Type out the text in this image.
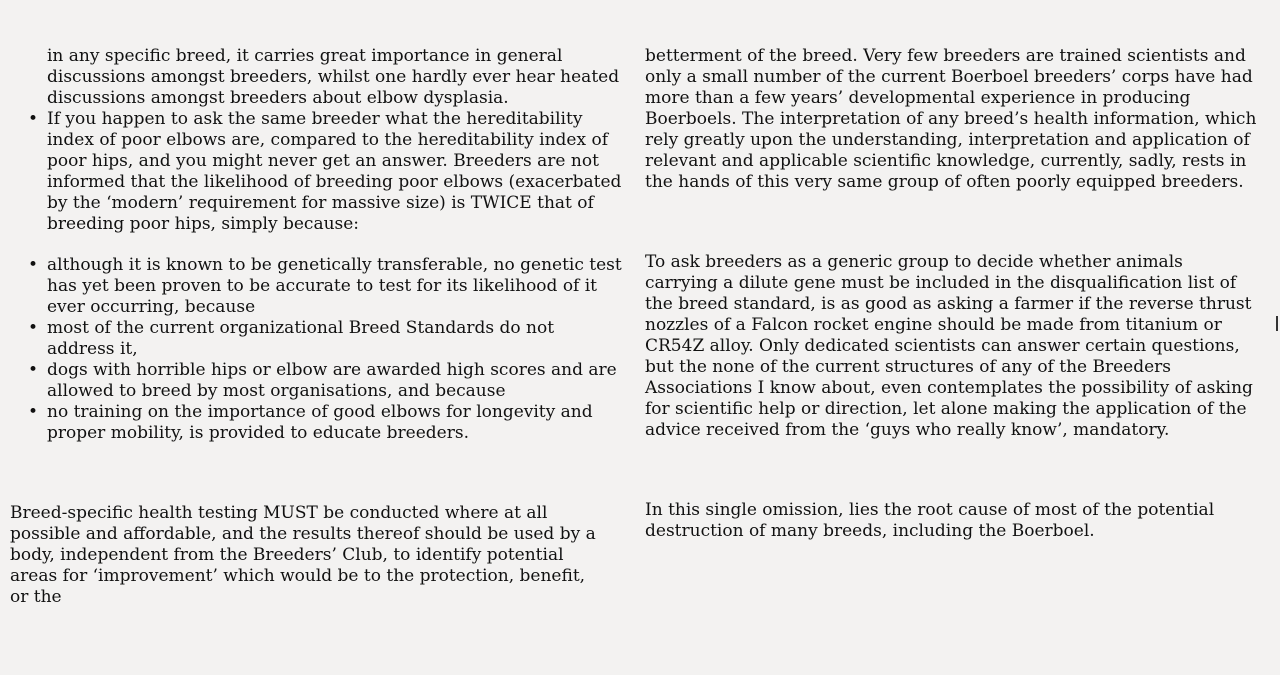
in any specific breed, it carries great importance in general discussions amongst breeders, whilst one hardly ever hear heated discussions amongst breeders about elbow dysplasia.

• If you happen to ask the same breeder what the hereditability index of poor elbows are, compared to the hereditability index of poor hips, and you might never get an answer. Breeders are not informed that the likelihood of breeding poor elbows (exacerbated by the ‘modern’ requirement for massive size) is TWICE that of breeding poor hips, simply because:
• although it is known to be genetically transferable, no genetic test has yet been proven to be accurate to test for its likelihood of it ever occurring, because
• most of the current organizational Breed Standards do not address it,
• dogs with horrible hips or elbow are awarded high scores and are allowed to breed by most organisations, and because
• no training on the importance of good elbows for longevity and proper mobility, is provided to educate breeders.

Breed-specific health testing MUST be conducted where at all possible and affordable, and the results thereof should be used by a body, independent from the Breeders’ Club, to identify potential areas for ‘improvement’ which would be to the protection, benefit, or the

betterment of the breed. Very few breeders are trained scientists and only a small number of the current Boerboel breeders’ corps have had more than a few years’ developmental experience in producing Boerboels. The interpretation of any breed’s health information, which rely greatly upon the understanding, interpretation and application of relevant and applicable scientific knowledge, currently, sadly, rests in the hands of this very same group of often poorly equipped breeders.

To ask breeders as a generic group to decide whether animals carrying a dilute gene must be included in the disqualification list of the breed standard, is as good as asking a farmer if the reverse thrust nozzles of a Falcon rocket engine should be made from titanium or CR54Z alloy. Only dedicated scientists can answer certain questions, but the none of the current structures of any of the Breeders Associations I know about, even contemplates the possibility of asking for scientific help or direction, let alone making the application of the advice received from the ‘guys who really know’, mandatory.

In this single omission, lies the root cause of most of the potential destruction of many breeds, including the Boerboel.
